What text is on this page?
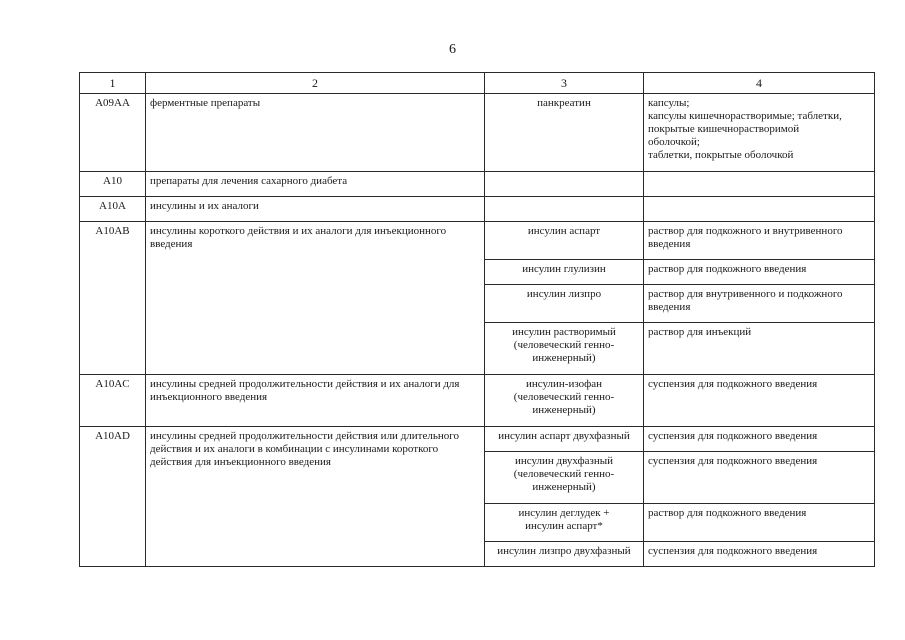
6
1	2	3	4
A09AA	ферментные препараты	панкреатин	капсулы;
капсулы кишечнорастворимые; таблетки,
покрытые кишечнорастворимой
оболочкой;
таблетки, покрытые оболочкой

A10	препараты для лечения сахарного диабета		
A10A	инсулины и их аналоги		
A10AB	инсулины короткого действия и их аналоги для инъекционного введения	инсулин аспарт	раствор для подкожного и внутривенного
введения

		инсулин глулизин	раствор для подкожного введения

		инсулин лизпро	раствор для внутривенного и подкожного
введения

		инсулин растворимый
(человеческий генно-
инженерный)	раствор для инъекций

A10AC	инсулины средней продолжительности действия и их аналоги для инъекционного введения	инсулин-изофан
(человеческий генно-
инженерный)	суспензия для подкожного введения

A10AD	инсулины средней продолжительности действия или длительного действия и их аналоги в комбинации с инсулинами короткого действия для инъекционного введения	инсулин аспарт двухфазный	суспензия для подкожного введения

		инсулин двухфазный
(человеческий генно-
инженерный)	суспензия для подкожного введения

		инсулин деглудек +
инсулин аспарт*	раствор для подкожного введения

		инсулин лизпро двухфазный	суспензия для подкожного введения
